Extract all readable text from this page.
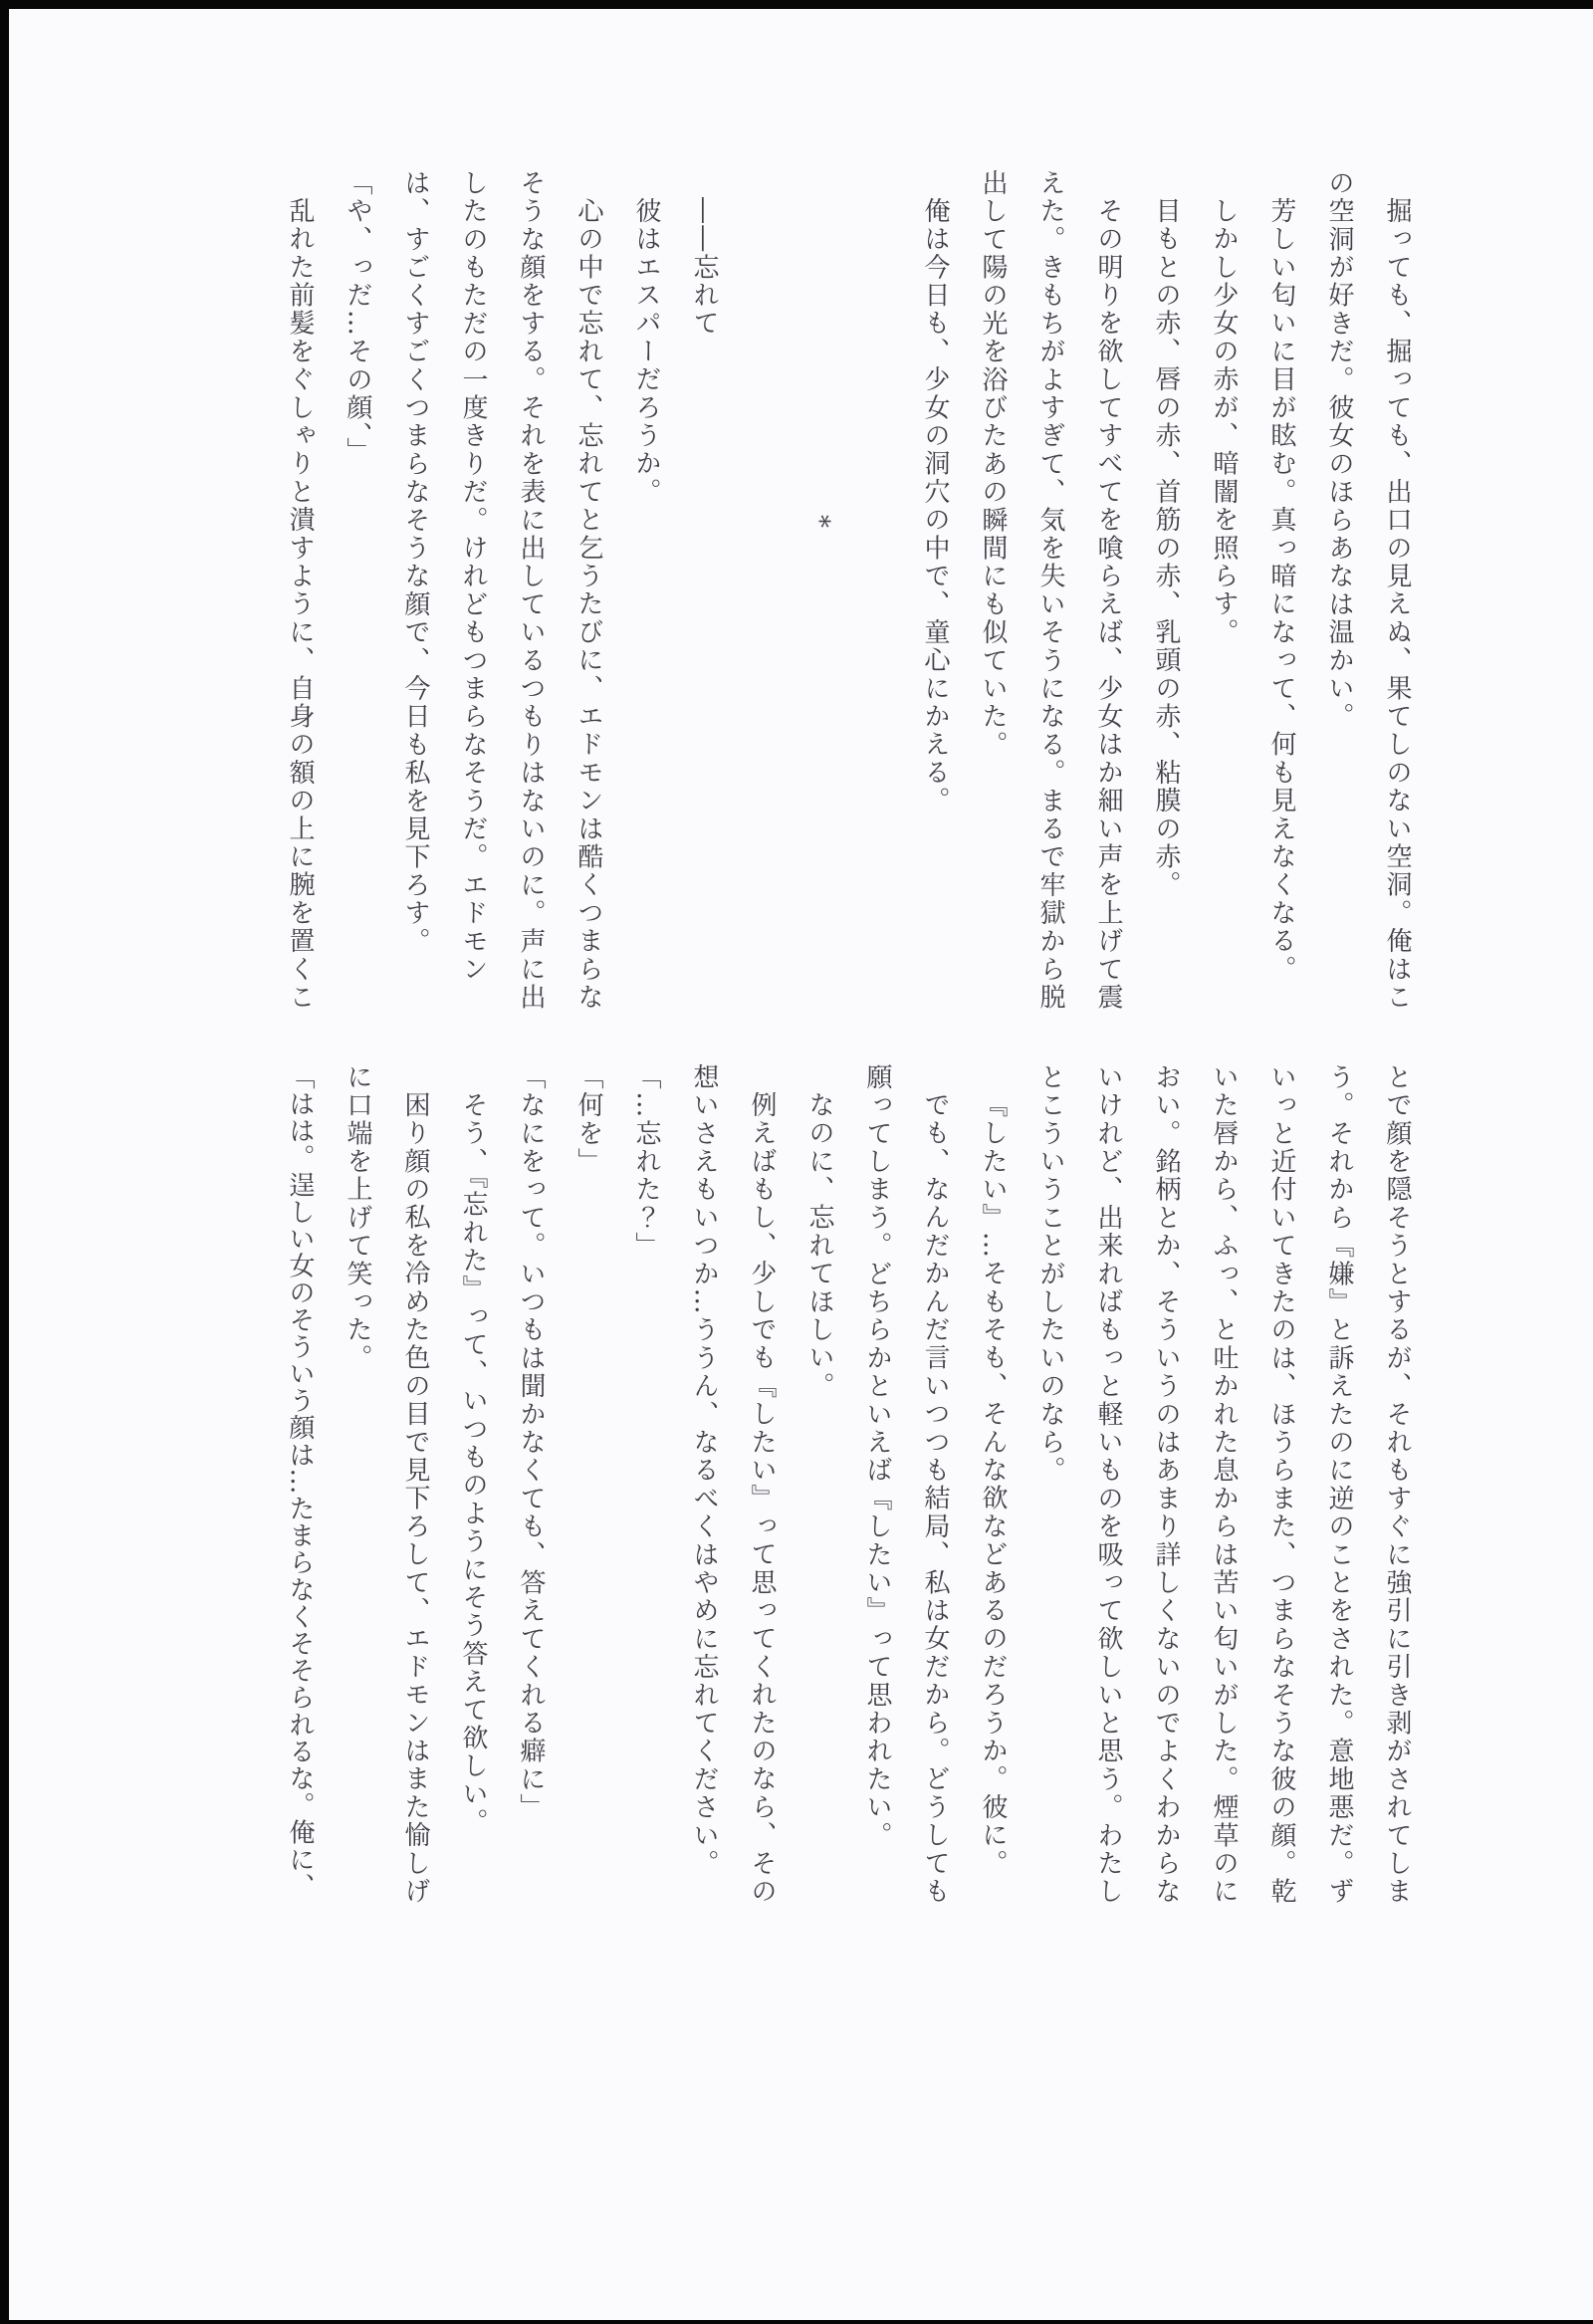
掘っても、掘っても、出口の見えぬ、果てしのない空洞。俺はこの空洞が好きだ。彼女のほらあなは温かい。

芳しい匂いに目が眩む。真っ暗になって、何も見えなくなる。

しかし少女の赤が、暗闇を照らす。

目もとの赤、唇の赤、首筋の赤、乳頭の赤、粘膜の赤。

その明りを欲してすべてを喰らえば、少女はか細い声を上げて震えた。きもちがよすぎて、気を失いそうになる。まるで牢獄から脱出して陽の光を浴びたあの瞬間にも似ていた。

俺は今日も、少女の洞穴の中で、童心にかえる。

*

――忘れて

彼はエスパーだろうか。

心の中で忘れて、忘れてと乞うたびに、エドモンは酷くつまらなそうな顔をする。それを表に出しているつもりはないのに。声に出したのもただの一度きりだ。けれどもつまらなそうだ。エドモンは、すごくすごくつまらなそうな顔で、今日も私を見下ろす。

「や、っだ…その顔、」

乱れた前髪をぐしゃりと潰すように、自身の額の上に腕を置くこ

とで顔を隠そうとするが、それもすぐに強引に引き剥がされてしまう。それから『嫌』と訴えたのに逆のことをされた。意地悪だ。ずいっと近付いてきたのは、ほうらまた、つまらなそうな彼の顔。乾いた唇から、ふっ、と吐かれた息からは苦い匂いがした。煙草のにおい。銘柄とか、そういうのはあまり詳しくないのでよくわからないけれど、出来ればもっと軽いものを吸って欲しいと思う。わたしとこういうことがしたいのなら。

『したい』…そもそも、そんな欲などあるのだろうか。彼に。

でも、なんだかんだ言いつつも結局、私は女だから。どうしても願ってしまう。どちらかといえば『したい』って思われたい。

なのに、忘れてほしい。

例えばもし、少しでも『したい』って思ってくれたのなら、その想いさえもいつか…ううん、なるべくはやめに忘れてください。

「…忘れた？」

「何を」

「なにをって。いつもは聞かなくても、答えてくれる癖に」

そう、『忘れた』って、いつものようにそう答えて欲しい。

困り顔の私を冷めた色の目で見下ろして、エドモンはまた愉しげに口端を上げて笑った。

「はは。逞しい女のそういう顔は…たまらなくそそられるな。俺に、
